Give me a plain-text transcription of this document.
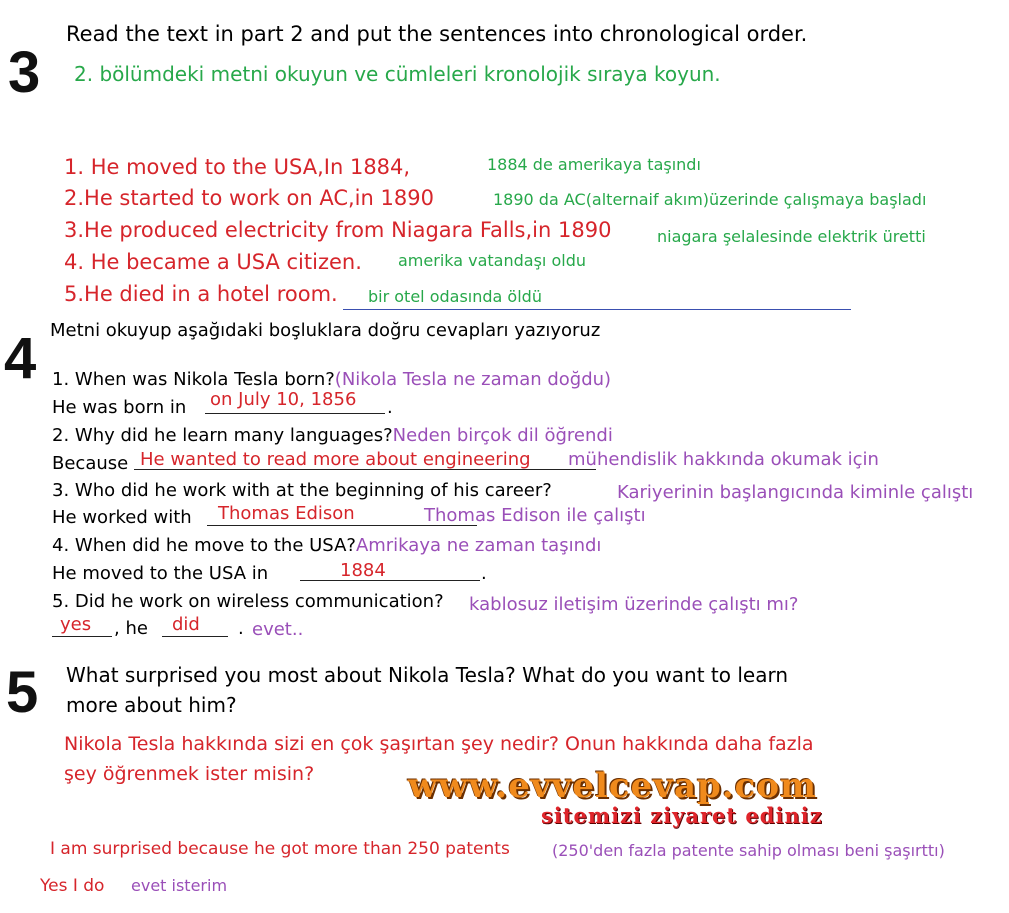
3
Read the text in part 2 and put the sentences into chronological order.
2. bölümdeki metni okuyun ve cümleleri kronolojik sıraya koyun.
1. He moved to the USA,In 1884,	1884 de amerikaya taşındı
2.He started to work on AC,in 1890	1890 da AC(alternaif akım)üzerinde çalışmaya başladı
3.He produced electricity from Niagara Falls,in 1890	niagara şelalesinde elektrik üretti
4. He became a USA citizen. amerika vatandaşı oldu
5.He died in a hotel room. bir otel odasında öldü
4 Metni okuyup aşağıdaki boşluklara doğru cevapları yazıyoruz
1. When was Nikola Tesla born?(Nikola Tesla ne zaman doğdu)
He was born in on July 10, 1856 .
2. Why did he learn many languages?Neden birçok dil öğrendi
Because He wanted to read more about engineering mühendislik hakkında okumak için
3. Who did he work with at the beginning of his career?	Kariyerinin başlangıcında kiminle çalıştı
He worked with Thomas Edison	Thomas Edison ile çalıştı
4. When did he move to the USA?Amrikaya ne zaman taşındı
He moved to the USA in	1884	.
5. Did he work on wireless communication? kablosuz iletişim üzerinde çalıştı mı?
yes , he did . evet..
5 What surprised you most about Nikola Tesla? What do you want to learn
more about him?
Nikola Tesla hakkında sizi en çok şaşırtan şey nedir? Onun hakkında daha fazla
şey öğrenmek ister misin?	www.evvelcevap.com
sitemizi ziyaret ediniz
I am surprised because he got more than 250 patents	(250'den fazla patente sahip olması beni şaşırttı)
Yes I do evet isterim
